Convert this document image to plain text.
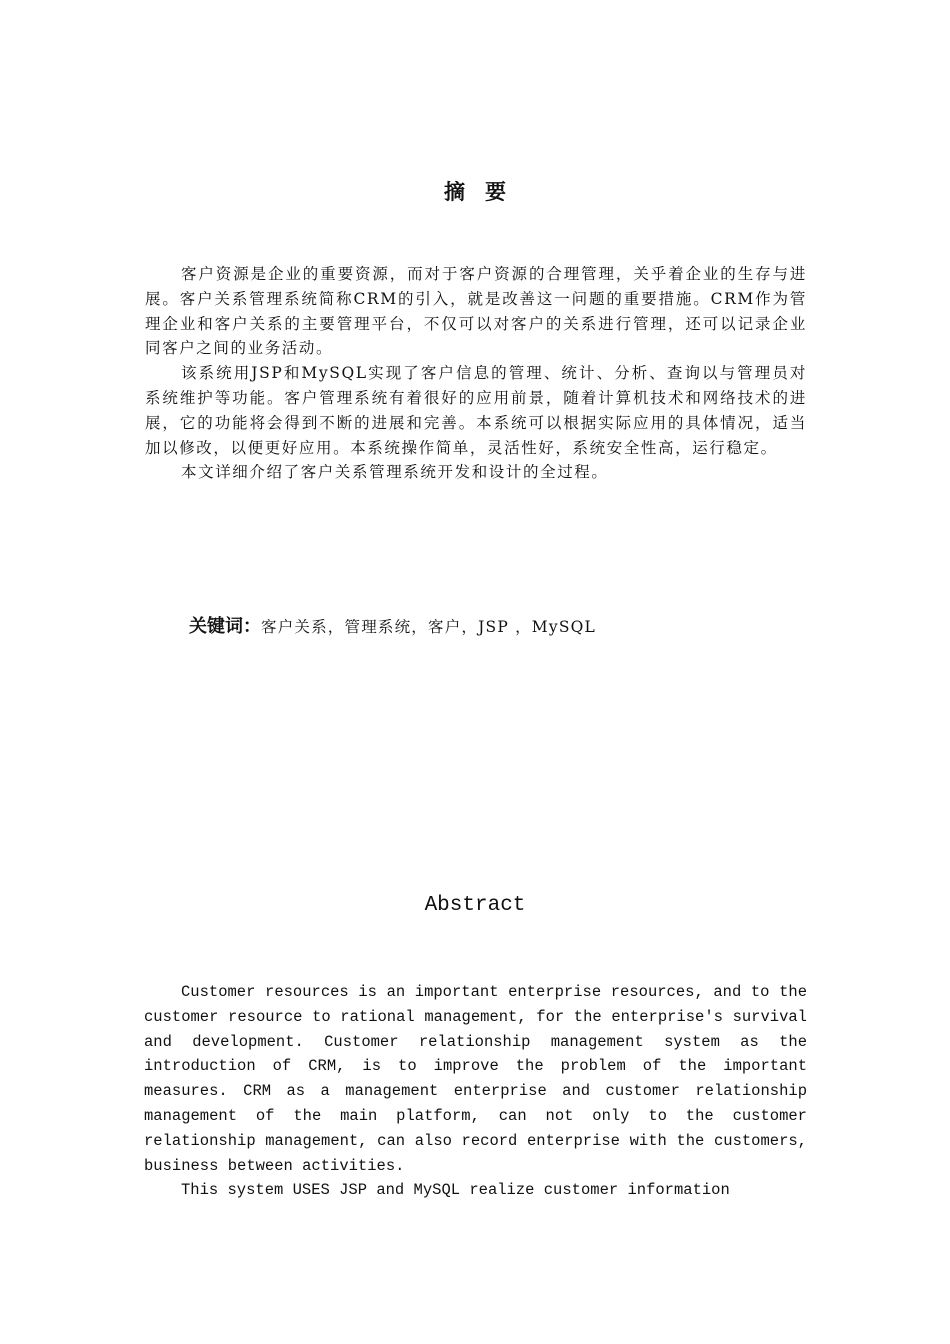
摘要

客户资源是企业的重要资源，而对于客户资源的合理管理，关乎着企业的生存与进展。客户关系管理系统简称CRM的引入，就是改善这一问题的重要措施。CRM作为管理企业和客户关系的主要管理平台，不仅可以对客户的关系进行管理，还可以记录企业同客户之间的业务活动。

该系统用JSP和MySQL实现了客户信息的管理、统计、分析、查询以与管理员对系统维护等功能。客户管理系统有着很好的应用前景，随着计算机技术和网络技术的进展，它的功能将会得到不断的进展和完善。本系统可以根据实际应用的具体情况，适当加以修改，以便更好应用。本系统操作简单，灵活性好，系统安全性高，运行稳定。

本文详细介绍了客户关系管理系统开发和设计的全过程。

关键词：客户关系，管理系统，客户，JSP ，MySQL
Abstract

Customer resources is an important enterprise resources, and to the customer resource to rational management, for the enterprise's survival and development. Customer relationship management system as the introduction of CRM, is to improve the problem of the important measures. CRM as a management enterprise and customer relationship management of the main platform, can not only to the customer relationship management, can also record enterprise with the customers, business between activities.

This system USES JSP and MySQL realize customer information
